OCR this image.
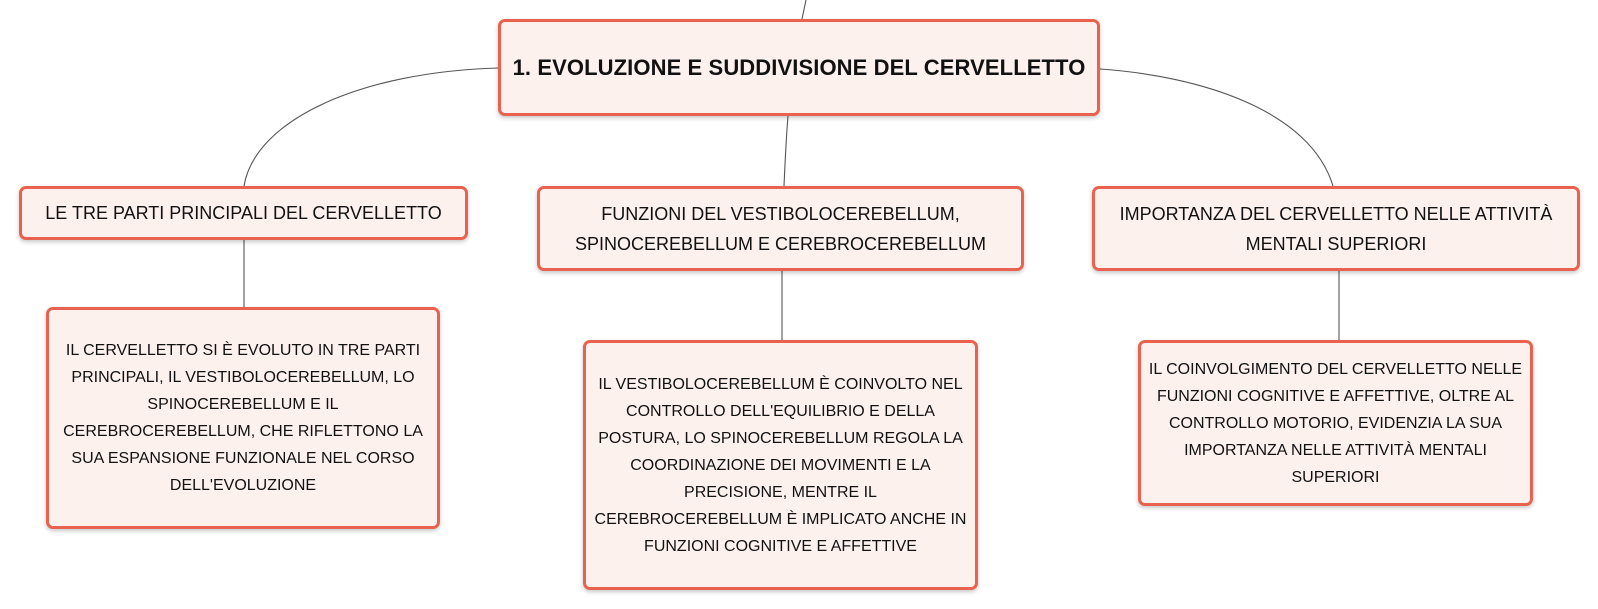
1. EVOLUZIONE E SUDDIVISIONE DEL CERVELLETTO
LE TRE PARTI PRINCIPALI DEL CERVELLETTO	FUNZIONI DEL VESTIBOLOCEREBELLUM, SPINOCEREBELLUM E CEREBROCEREBELLUM
IMPORTANZA DEL CERVELLETTO NELLE ATTIVITÀ MENTALI SUPERIORI
IL CERVELLETTO SI È EVOLUTO IN TRE PARTI PRINCIPALI, IL VESTIBOLOCEREBELLUM, LO SPINOCEREBELLUM E IL CEREBROCEREBELLUM, CHE RIFLETTONO LA SUA ESPANSIONE FUNZIONALE NEL CORSO DELL'EVOLUZIONE
IL VESTIBOLOCEREBELLUM È COINVOLTO NEL CONTROLLO DELL'EQUILIBRIO E DELLA POSTURA, LO SPINOCEREBELLUM REGOLA LA COORDINAZIONE DEI MOVIMENTI E LA PRECISIONE, MENTRE IL CEREBROCEREBELLUM È IMPLICATO ANCHE IN FUNZIONI COGNITIVE E AFFETTIVE
IL COINVOLGIMENTO DEL CERVELLETTO NELLE FUNZIONI COGNITIVE E AFFETTIVE, OLTRE AL CONTROLLO MOTORIO, EVIDENZIA LA SUA IMPORTANZA NELLE ATTIVITÀ MENTALI SUPERIORI
